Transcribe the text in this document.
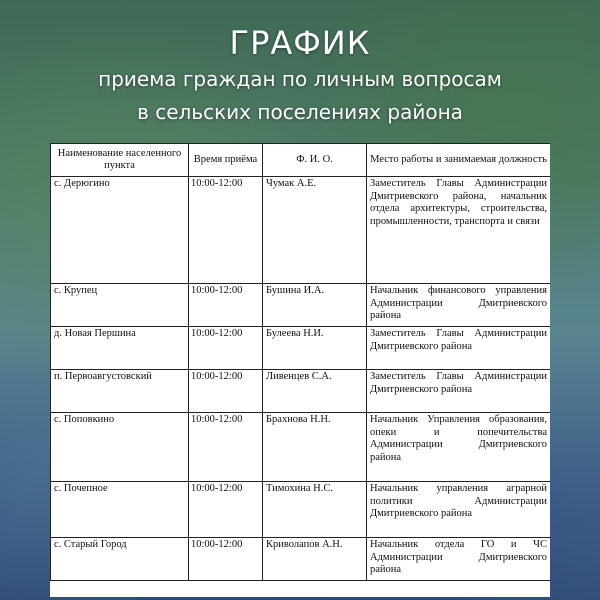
ГРАФИК

приема граждан по личным вопросам

в сельских поселениях района

Наименование населенного пункта	Время приёма	Ф. И. О.	Место работы и занимаемая должность
с. Дерюгино	10:00-12:00	Чумак А.Е.	Заместитель Главы Администрации Дмитриевского района, начальник отдела архитектуры, строительства, промышленности, транспорта и связи
с. Крупец	10:00-12:00	Бушина И.А.	Начальник финансового управления Администрации Дмитриевского района
д. Новая Першина	10:00-12:00	Булеева Н.И.	Заместитель Главы Администрации Дмитриевского района
п. Первоавгустовский	10:00-12:00	Ливенцев С.А.	Заместитель Главы Администрации Дмитриевского района
с. Поповкино	10:00-12:00	Брахнова Н.Н.	Начальник Управления образования, опеки и попечительства Администрации Дмитриевского района
с. Почепное	10:00-12:00	Тимохина Н.С.	Начальник управления аграрной политики Администрации Дмитриевского района
с. Старый Город	10:00-12:00	Криволапов А.Н.	Начальник отдела ГО и ЧС Администрации Дмитриевского района
